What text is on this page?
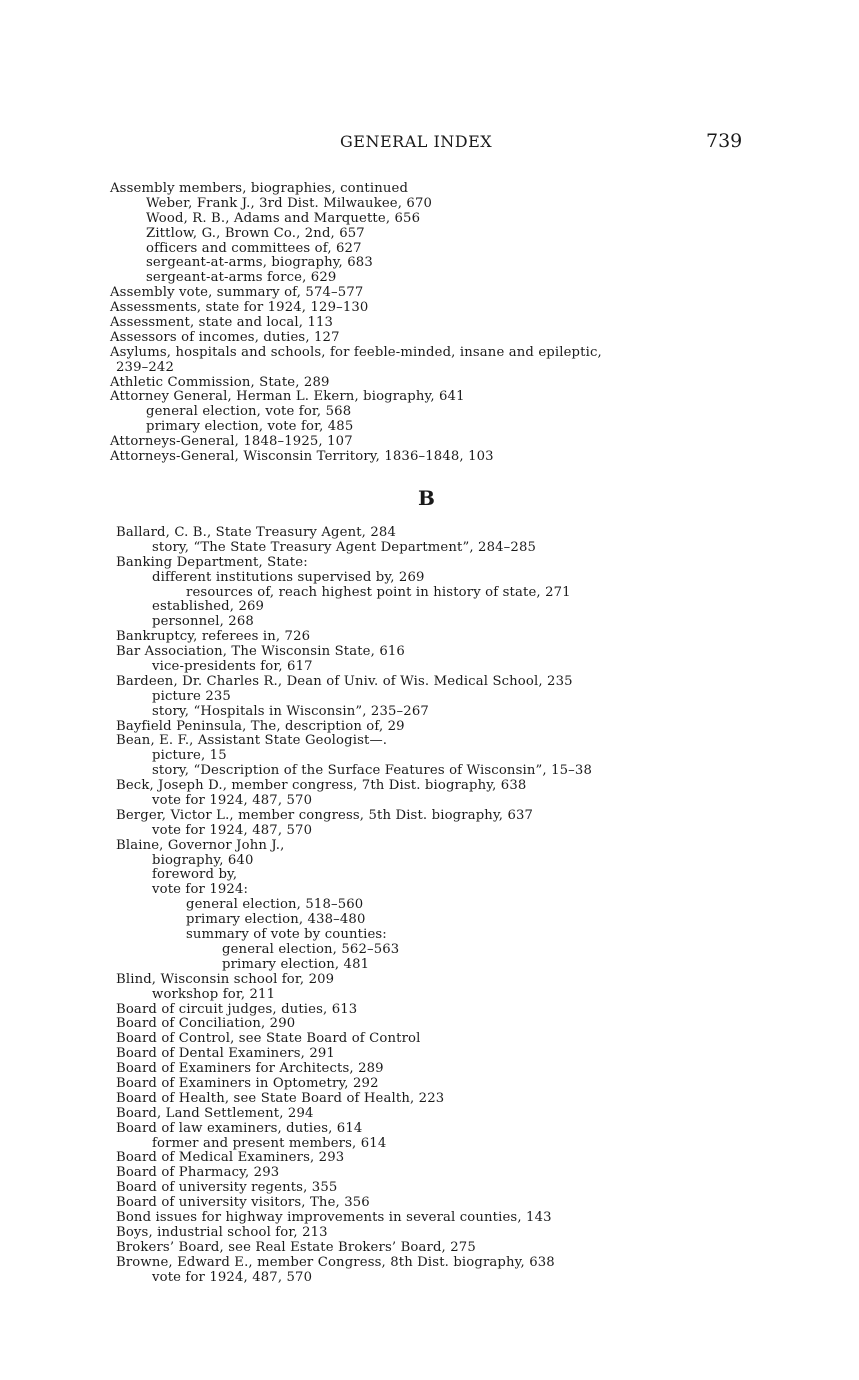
GENERAL INDEX	739
Assembly members, biographies, continued
Weber, Frank J., 3rd Dist. Milwaukee, 670
Wood, R. B., Adams and Marquette, 656
Zittlow, G., Brown Co., 2nd, 657
officers and committees of, 627
sergeant-at-arms, biography, 683
sergeant-at-arms force, 629
Assembly vote, summary of, 574–577
Assessments, state for 1924, 129–130
Assessment, state and local, 113
Assessors of incomes, duties, 127
Asylums, hospitals and schools, for feeble-minded, insane and epileptic,
239–242
Athletic Commission, State, 289
Attorney General, Herman L. Ekern, biography, 641
general election, vote for, 568
primary election, vote for, 485
Attorneys-General, 1848–1925, 107
Attorneys-General, Wisconsin Territory, 1836–1848, 103
B
Ballard, C. B., State Treasury Agent, 284
story, “The State Treasury Agent Department”, 284–285
Banking Department, State:
different institutions supervised by, 269
resources of, reach highest point in history of state, 271
established, 269
personnel, 268
Bankruptcy, referees in, 726
Bar Association, The Wisconsin State, 616
vice-presidents for, 617
Bardeen, Dr. Charles R., Dean of Univ. of Wis. Medical School, 235
picture 235
story, “Hospitals in Wisconsin”, 235–267
Bayfield Peninsula, The, description of, 29
Bean, E. F., Assistant State Geologist—.
picture, 15
story, “Description of the Surface Features of Wisconsin”, 15–38
Beck, Joseph D., member congress, 7th Dist. biography, 638
vote for 1924, 487, 570
Berger, Victor L., member congress, 5th Dist. biography, 637
vote for 1924, 487, 570
Blaine, Governor John J.,
biography, 640
foreword by,
vote for 1924:
general election, 518–560
primary election, 438–480
summary of vote by counties:
general election, 562–563
primary election, 481
Blind, Wisconsin school for, 209
workshop for, 211
Board of circuit judges, duties, 613
Board of Conciliation, 290
Board of Control, see State Board of Control
Board of Dental Examiners, 291
Board of Examiners for Architects, 289
Board of Examiners in Optometry, 292
Board of Health, see State Board of Health, 223
Board, Land Settlement, 294
Board of law examiners, duties, 614
former and present members, 614
Board of Medical Examiners, 293
Board of Pharmacy, 293
Board of university regents, 355
Board of university visitors, The, 356
Bond issues for highway improvements in several counties, 143
Boys, industrial school for, 213
Brokers’ Board, see Real Estate Brokers’ Board, 275
Browne, Edward E., member Congress, 8th Dist. biography, 638
vote for 1924, 487, 570
